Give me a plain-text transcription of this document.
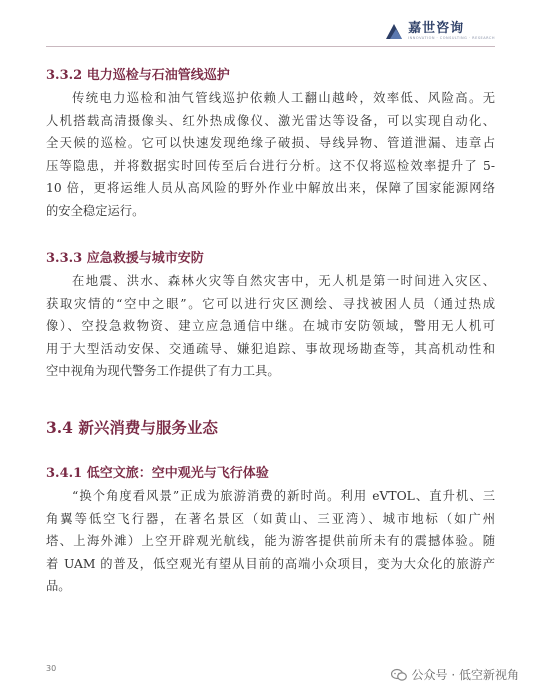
嘉世咨询
INNOVATION · CONSULTING · RESEARCH
3.3.2 电力巡检与石油管线巡护
传统电力巡检和油气管线巡护依赖人工翻山越岭，效率低、风险高。无
人机搭载高清摄像头、红外热成像仪、激光雷达等设备，可以实现自动化、
全天候的巡检。它可以快速发现绝缘子破损、导线异物、管道泄漏、违章占
压等隐患，并将数据实时回传至后台进行分析。这不仅将巡检效率提升了 5-
10 倍，更将运维人员从高风险的野外作业中解放出来，保障了国家能源网络
的安全稳定运行。
3.3.3 应急救援与城市安防
在地震、洪水、森林火灾等自然灾害中，无人机是第一时间进入灾区、
获取灾情的“空中之眼”。它可以进行灾区测绘、寻找被困人员（通过热成
像）、空投急救物资、建立应急通信中继。在城市安防领域，警用无人机可
用于大型活动安保、交通疏导、嫌犯追踪、事故现场勘查等，其高机动性和
空中视角为现代警务工作提供了有力工具。
3.4 新兴消费与服务业态
3.4.1 低空文旅：空中观光与飞行体验
“换个角度看风景”正成为旅游消费的新时尚。利用 eVTOL、直升机、三
角翼等低空飞行器，在著名景区（如黄山、三亚湾）、城市地标（如广州
塔、上海外滩）上空开辟观光航线，能为游客提供前所未有的震撼体验。随
着 UAM 的普及，低空观光有望从目前的高端小众项目，变为大众化的旅游产
品。
30	公众号 · 低空新视角
